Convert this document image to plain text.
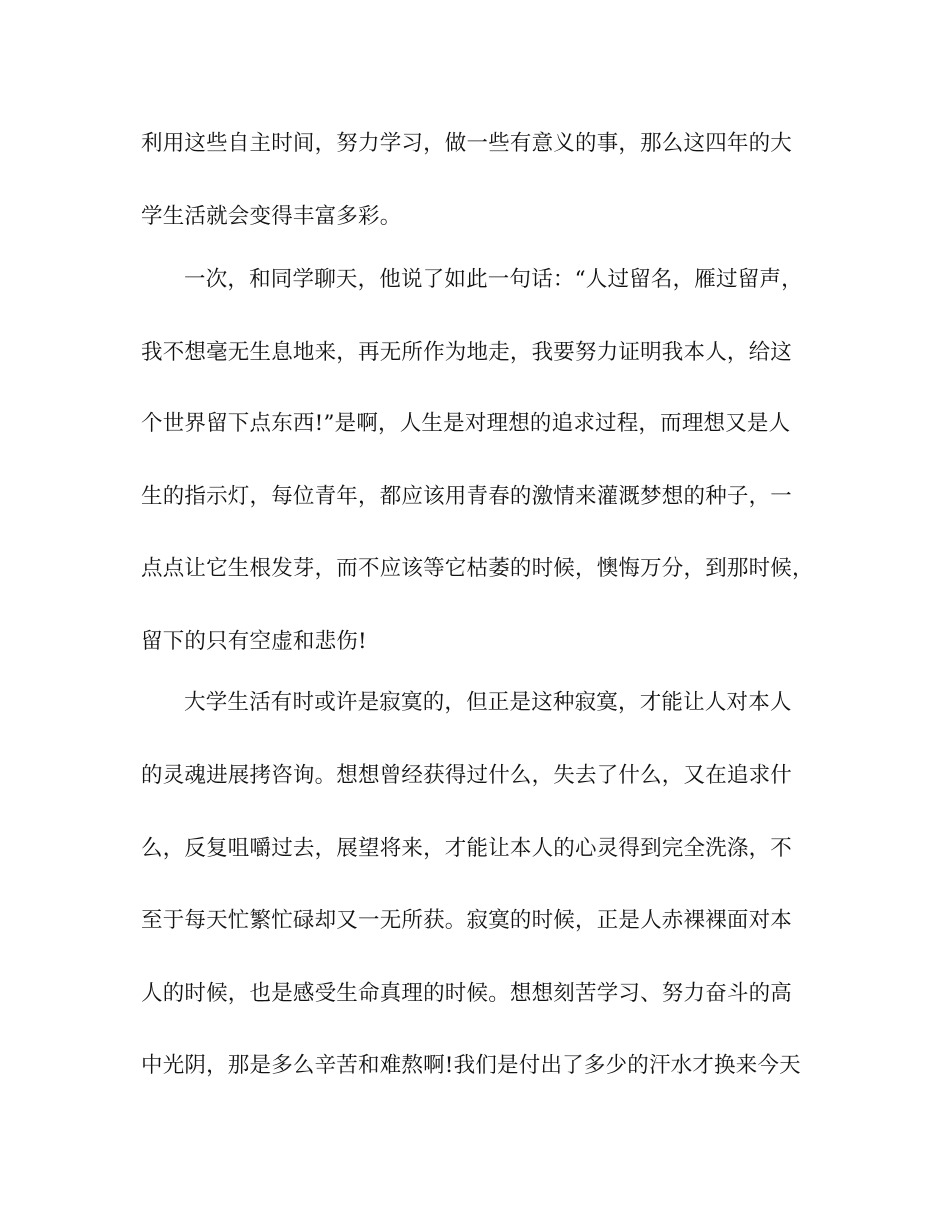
利用这些自主时间，努力学习，做一些有意义的事，那么这四年的大
学生活就会变得丰富多彩。
一次，和同学聊天，他说了如此一句话：“人过留名，雁过留声，
我不想毫无生息地来，再无所作为地走，我要努力证明我本人，给这
个世界留下点东西!”是啊，人生是对理想的追求过程，而理想又是人
生的指示灯，每位青年，都应该用青春的激情来灌溉梦想的种子，一
点点让它生根发芽，而不应该等它枯萎的时候，懊悔万分，到那时候，
留下的只有空虚和悲伤!
大学生活有时或许是寂寞的，但正是这种寂寞，才能让人对本人
的灵魂进展拷咨询。想想曾经获得过什么，失去了什么，又在追求什
么，反复咀嚼过去，展望将来，才能让本人的心灵得到完全洗涤，不
至于每天忙繁忙碌却又一无所获。寂寞的时候，正是人赤裸裸面对本
人的时候，也是感受生命真理的时候。想想刻苦学习、努力奋斗的高
中光阴，那是多么辛苦和难熬啊!我们是付出了多少的汗水才换来今天
